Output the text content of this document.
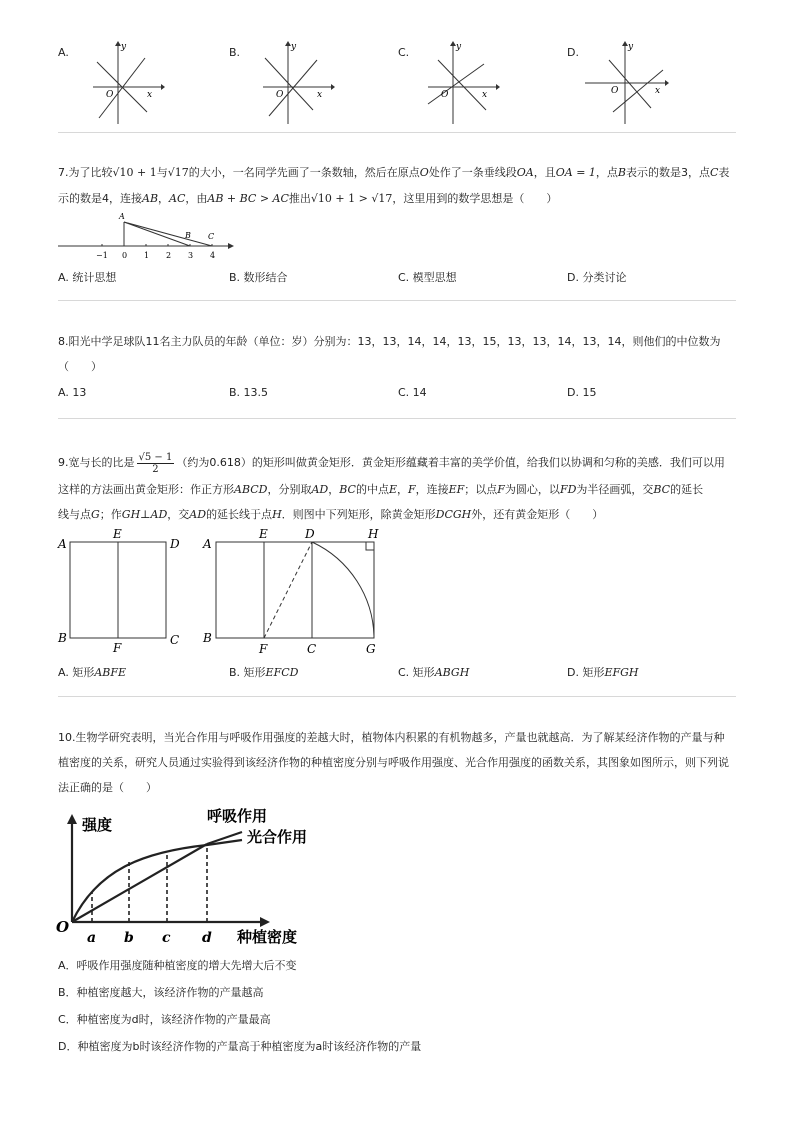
A.	y
x
O
B.	y
x
O
C.	y
x
O
D.	y
x
O
7.为了比较√10 + 1与√17的大小，一名同学先画了一条数轴，然后在原点O处作了一条垂线段OA，且OA = 1，点B表示的数是3，点C表
示的数是4，连接AB，AC，由AB + BC > AC推出√10 + 1 > √17，这里用到的数学思想是（　　）
A
B C
−1 0 1 2 3 4
A. 统计思想	B. 数形结合	C. 模型思想	D. 分类讨论
8.阳光中学足球队11名主力队员的年龄（单位：岁）分别为：13，13，14，14，13，15，13，13，14，13，14，则他们的中位数为
（　　）
A. 13	B. 13.5	C. 14	D. 15
9.宽与长的比是 $\frac{√5 - 1}{2}$ （约为0.618）的矩形叫做黄金矩形．黄金矩形蕴藏着丰富的美学价值，给我们以协调和匀称的美感．我们可以用
这样的方法画出黄金矩形：作正方形ABCD，分别取AD，BC的中点E，F，连接EF；以点F为圆心，以FD为半径画弧，交BC的延长
线与点G；作GH⊥AD，交AD的延长线于点H．则图中下列矩形，除黄金矩形DCGH外，还有黄金矩形（　　）
A
E
D
B
F
C
A
E	D	H
B
F	C	G
A. 矩形ABFE	B. 矩形EFCD	C. 矩形ABGH	D. 矩形EFGH
10.生物学研究表明，当光合作用与呼吸作用强度的差越大时，植物体内积累的有机物越多，产量也就越高．为了解某经济作物的产量与种
植密度的关系，研究人员通过实验得到该经济作物的种植密度分别与呼吸作用强度、光合作用强度的函数关系，其图象如图所示，则下列说
法正确的是（　　）
强度
种植密度
O
呼吸作用
光合作用
a b c d
A．呼吸作用强度随种植密度的增大先增大后不变
B．种植密度越大，该经济作物的产量越高
C．种植密度为d时，该经济作物的产量最高
D．种植密度为b时该经济作物的产量高于种植密度为a时该经济作物的产量
